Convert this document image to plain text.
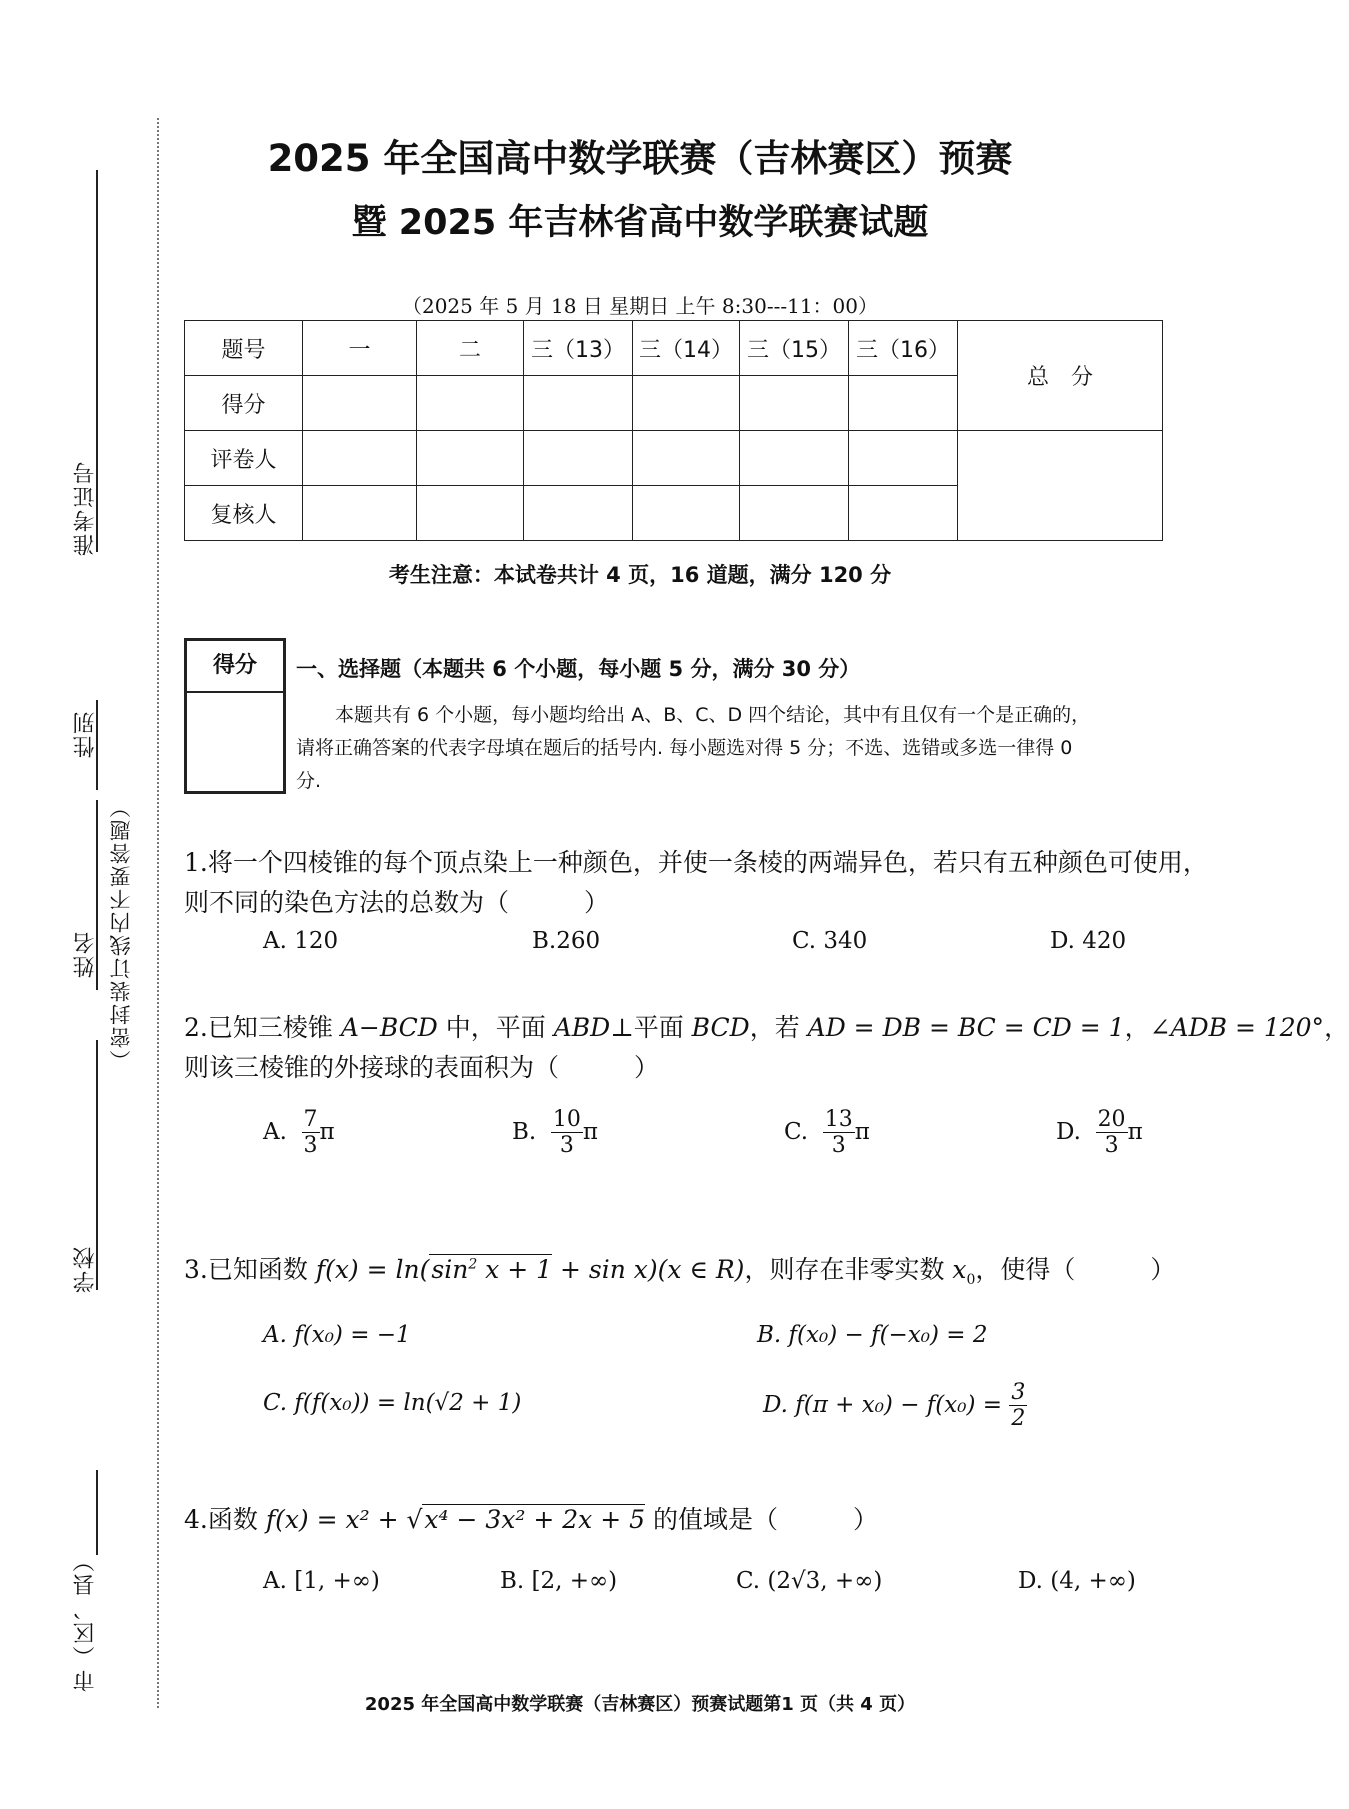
准考证号
性别
姓名 （密封装订线内不要答题）
学校
市（区、县）
2025 年全国高中数学联赛（吉林赛区）预赛
暨 2025 年吉林省高中数学联赛试题
（2025 年 5 月 18 日 星期日 上午 8:30---11：00）
题号	一	二	三（13）	三（14）	三（15）	三（16）	总　分
得分							
评卷人							
复核人							
考生注意：本试卷共计 4 页，16 道题，满分 120 分
得分	一、选择题（本题共 6 个小题，每小题 5 分，满分 30 分）
本题共有 6 个小题，每小题均给出 A、B、C、D 四个结论，其中有且仅有一个是正确的，
请将正确答案的代表字母填在题后的括号内. 每小题选对得 5 分；不选、选错或多选一律得 0
分.
1.将一个四棱锥的每个顶点染上一种颜色，并使一条棱的两端异色，若只有五种颜色可使用，
则不同的染色方法的总数为（　　　）
A. 120	B.260	C. 340	D. 420
2.已知三棱锥 A−BCD 中，平面 ABD⊥平面 BCD，若 AD = DB = BC = CD = 1，∠ADB = 120°，
则该三棱锥的外接球的表面积为（　　　）
A. $\frac{7}{3}$ π	B. $\frac{10}{3}$ π	C. $\frac{13}{3}$ π	D. $\frac{20}{3}$ π
3.已知函数 $f(x) = \ln(\sin^2$ x + 1 + sin x)(x ∈ R)，则存在非零实数 $x_0$，使得（　　　）
A. f(x₀) = −1	B. f(x₀) − f(−x₀) = 2
C. f(f(x₀)) = ln(√2 + 1)	D. $f(\pi + x_0) - f(x_0) = \frac{3}{2}$
4.函数 f(x) = x² + √x⁴ − 3x² + 2x + 5 的值域是（　　　）
A. [1, +∞)	B. [2, +∞)	C. (2√3, +∞)	D. (4, +∞)
2025 年全国高中数学联赛（吉林赛区）预赛试题第1 页（共 4 页）
